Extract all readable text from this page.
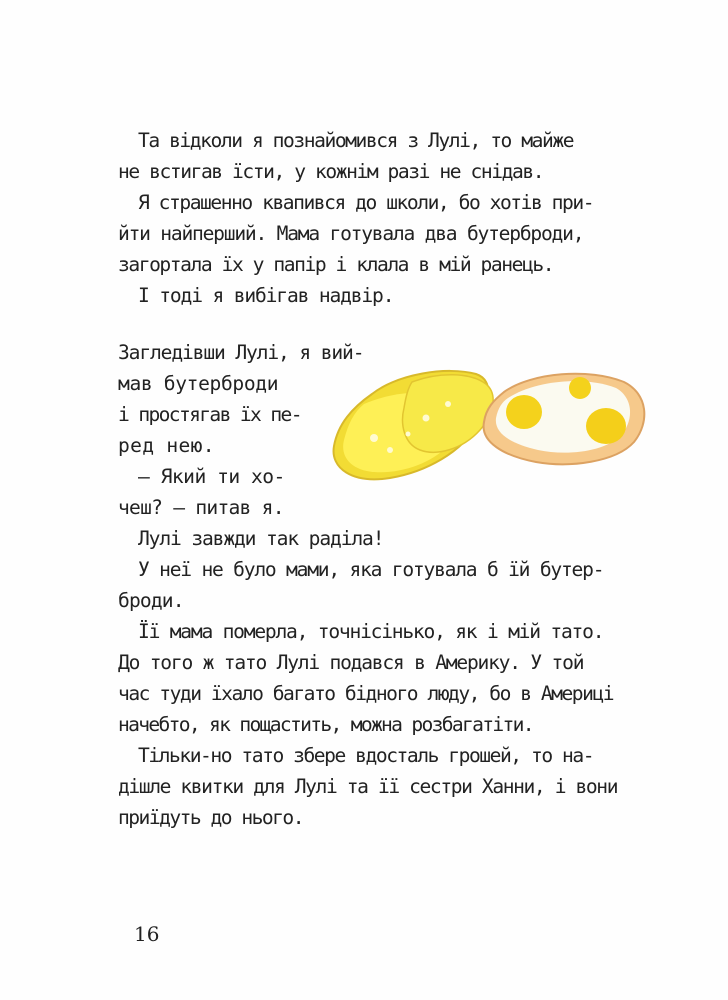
Та відколи я познайомився з Лулі, то майже

не встигав їсти, у кожнім разі не снідав.

Я страшенно квапився до школи, бо хотів при-

йти найперший. Мама готувала два бутерброди,

загортала їх у папір і клала в мій ранець.

І тоді я вибігав надвір.

Загледівши Лулі, я вий-

мав бутерброди

і простягав їх пе-

ред нею.

— Який ти хо-

чеш? — питав я.

Лулі завжди так раділа!

У неї не було мами, яка готувала б їй бутер-

броди.

Її мама померла, точнісінько, як і мій тато.

До того ж тато Лулі подався в Америку. У той

час туди їхало багато бідного люду, бо в Америці

начебто, як пощастить, можна розбагатіти.

Тільки-но тато збере вдосталь грошей, то на-

дішле квитки для Лулі та її сестри Ханни, і вони

приїдуть до нього.

16
